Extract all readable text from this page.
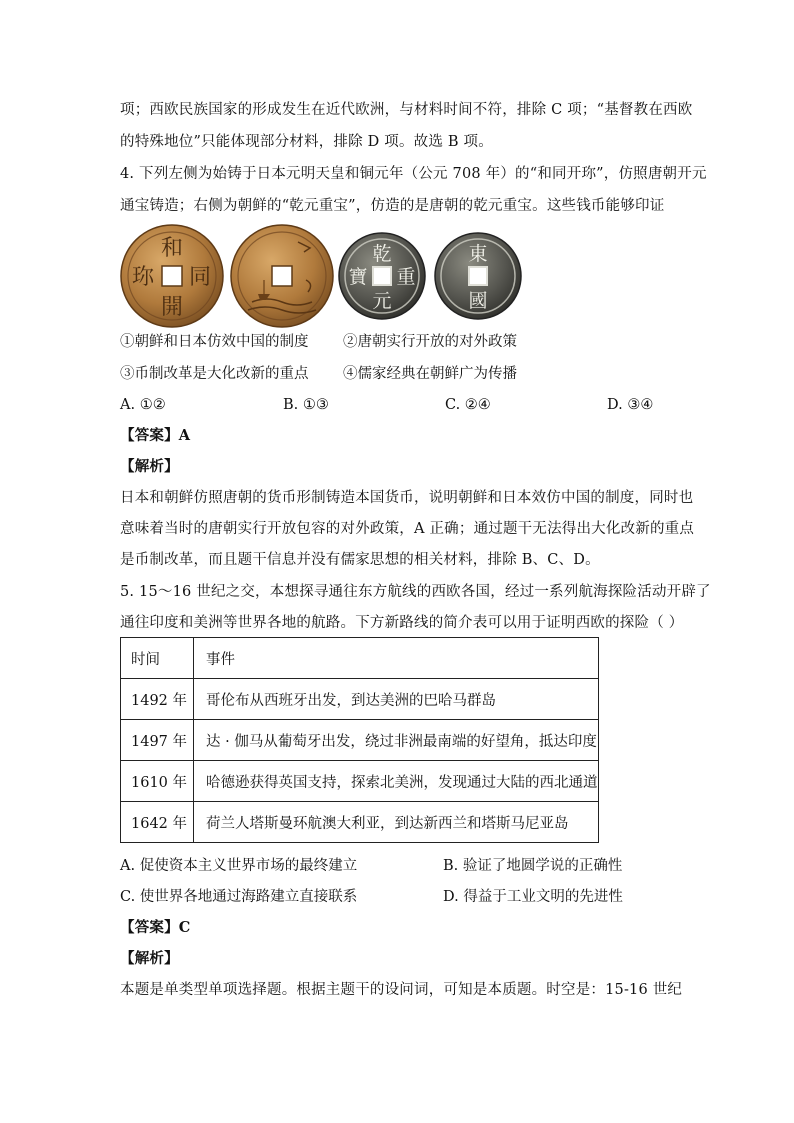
项；西欧民族国家的形成发生在近代欧洲，与材料时间不符，排除 C 项；“基督教在西欧
的特殊地位”只能体现部分材料，排除 D 项。故选 B 项。
4. 下列左侧为始铸于日本元明天皇和铜元年（公元 708 年）的“和同开珎”，仿照唐朝开元
通宝铸造；右侧为朝鲜的“乾元重宝”，仿造的是唐朝的乾元重宝。这些钱币能够印证
和
同
開
珎
乾
重
元
寶
東
國
①朝鲜和日本仿效中国的制度 ②唐朝实行开放的对外政策
③币制改革是大化改新的重点 ④儒家经典在朝鲜广为传播
A. ①②	B. ①③	C. ②④	D. ③④
【答案】A
【解析】
日本和朝鲜仿照唐朝的货币形制铸造本国货币，说明朝鲜和日本效仿中国的制度，同时也
意味着当时的唐朝实行开放包容的对外政策，A 正确；通过题干无法得出大化改新的重点
是币制改革，而且题干信息并没有儒家思想的相关材料，排除 B、C、D。
5. 15～16 世纪之交，本想探寻通往东方航线的西欧各国，经过一系列航海探险活动开辟了
通往印度和美洲等世界各地的航路。下方新路线的简介表可以用于证明西欧的探险（ ）
时间	事件
1492 年	哥伦布从西班牙出发，到达美洲的巴哈马群岛
1497 年	达 · 伽马从葡萄牙出发，绕过非洲最南端的好望角，抵达印度
1610 年	哈德逊获得英国支持，探索北美洲，发现通过大陆的西北通道
1642 年	荷兰人塔斯曼环航澳大利亚，到达新西兰和塔斯马尼亚岛
A. 促使资本主义世界市场的最终建立	B. 验证了地圆学说的正确性
C. 使世界各地通过海路建立直接联系	D. 得益于工业文明的先进性
【答案】C
【解析】
本题是单类型单项选择题。根据主题干的设问词，可知是本质题。时空是：15-16 世纪
